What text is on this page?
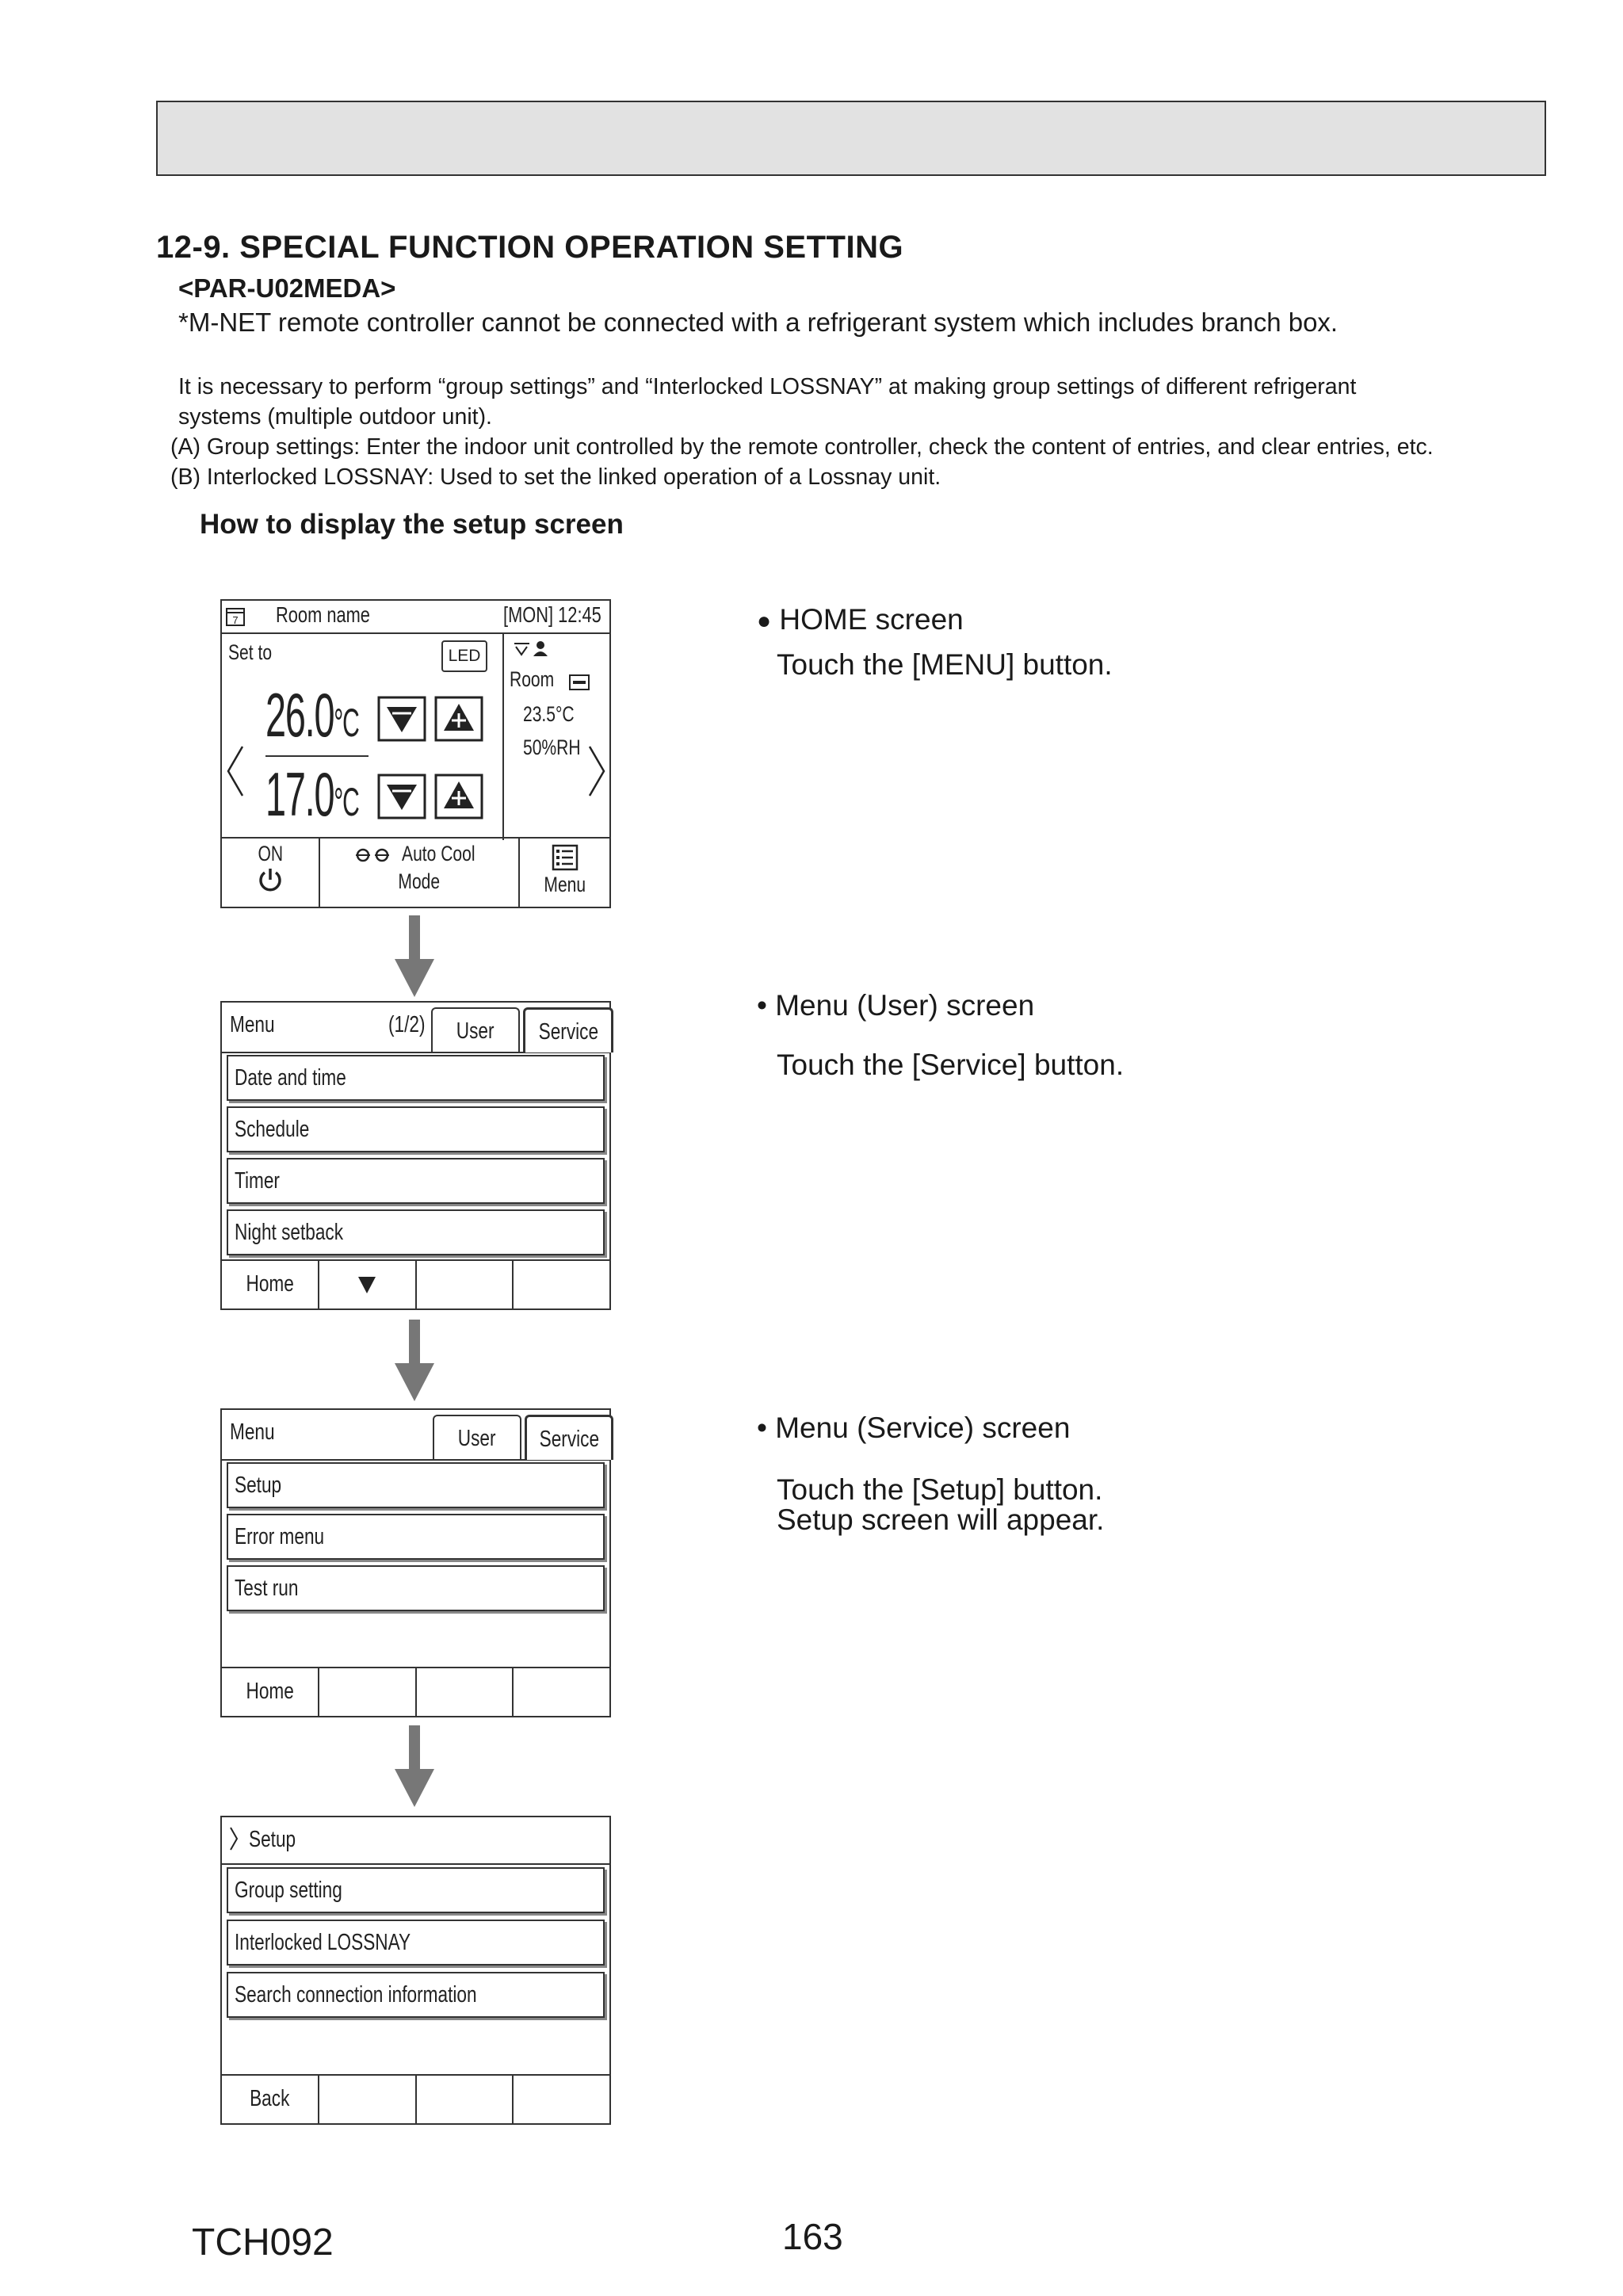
12-9. SPECIAL FUNCTION OPERATION SETTING
<PAR-U02MEDA>
*M-NET remote controller cannot be connected with a refrigerant system which includes branch box.
It is necessary to perform “group settings” and “Interlocked LOSSNAY” at making group settings of different refrigerant
systems (multiple outdoor unit).
(A) Group settings: Enter the indoor unit controlled by the remote controller, check the content of entries, and clear entries, etc.
(B) Interlocked LOSSNAY: Used to set the linked operation of a Lossnay unit.
How to display the setup screen
7 Room name	[MON] 12:45
Set to	LED
26.0°C
17.0°C
Room
23.5°C
50%RH
ON	Auto Cool
Mode	Menu
Menu	(1/2)	User	Service
Date and time
Schedule
Timer
Night setback
Home
Menu	User	Service
Setup
Error menu
Test run
Home
Setup
Group setting
Interlocked LOSSNAY
Search connection information
Back
● HOME screen
Touch the [MENU] button.
• Menu (User) screen
Touch the [Service] button.
• Menu (Service) screen
Touch the [Setup] button.
Setup screen will appear.
TCH092	163
